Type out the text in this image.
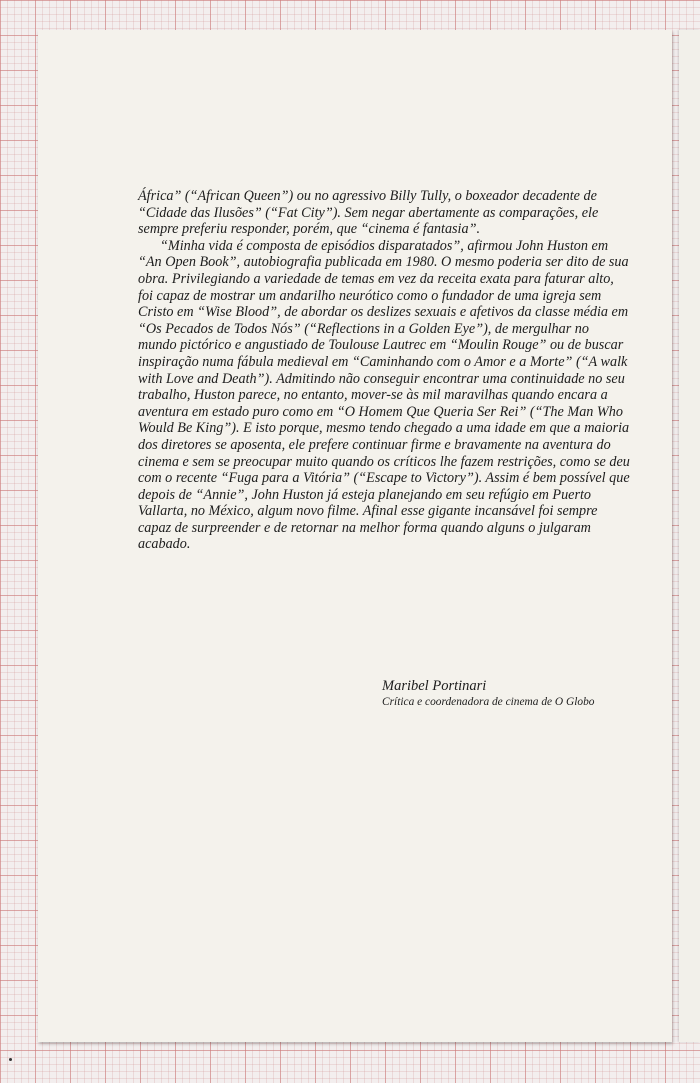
África” (“African Queen”) ou no agressivo Billy Tully, o boxeador decadente de “Cidade das Ilusões” (“Fat City”). Sem negar abertamente as comparações, ele sempre preferiu responder, porém, que “cinema é fantasia”.

“Minha vida é composta de episódios disparatados”, afirmou John Huston em “An Open Book”, autobiografia publicada em 1980. O mesmo poderia ser dito de sua obra. Privilegiando a variedade de temas em vez da receita exata para faturar alto, foi capaz de mostrar um andarilho neurótico como o fundador de uma igreja sem Cristo em “Wise Blood”, de abordar os deslizes sexuais e afetivos da classe média em “Os Pecados de Todos Nós” (“Reflections in a Golden Eye”), de mergulhar no mundo pictórico e angustiado de Toulouse Lautrec em “Moulin Rouge” ou de buscar inspiração numa fábula medieval em “Caminhando com o Amor e a Morte” (“A walk with Love and Death”). Admitindo não conseguir encontrar uma continuidade no seu trabalho, Huston parece, no entanto, mover-se às mil maravilhas quando encara a aventura em estado puro como em “O Homem Que Queria Ser Rei” (“The Man Who Would Be King”). E isto porque, mesmo tendo chegado a uma idade em que a maioria dos diretores se aposenta, ele prefere continuar firme e bravamente na aventura do cinema e sem se preocupar muito quando os críticos lhe fazem restrições, como se deu com o recente “Fuga para a Vitória” (“Escape to Victory”). Assim é bem possível que depois de “Annie”, John Huston já esteja planejando em seu refúgio em Puerto Vallarta, no México, algum novo filme. Afinal esse gigante incansável foi sempre capaz de surpreender e de retornar na melhor forma quando alguns o julgaram acabado.

Maribel Portinari
Crítica e coordenadora de cinema de O Globo
